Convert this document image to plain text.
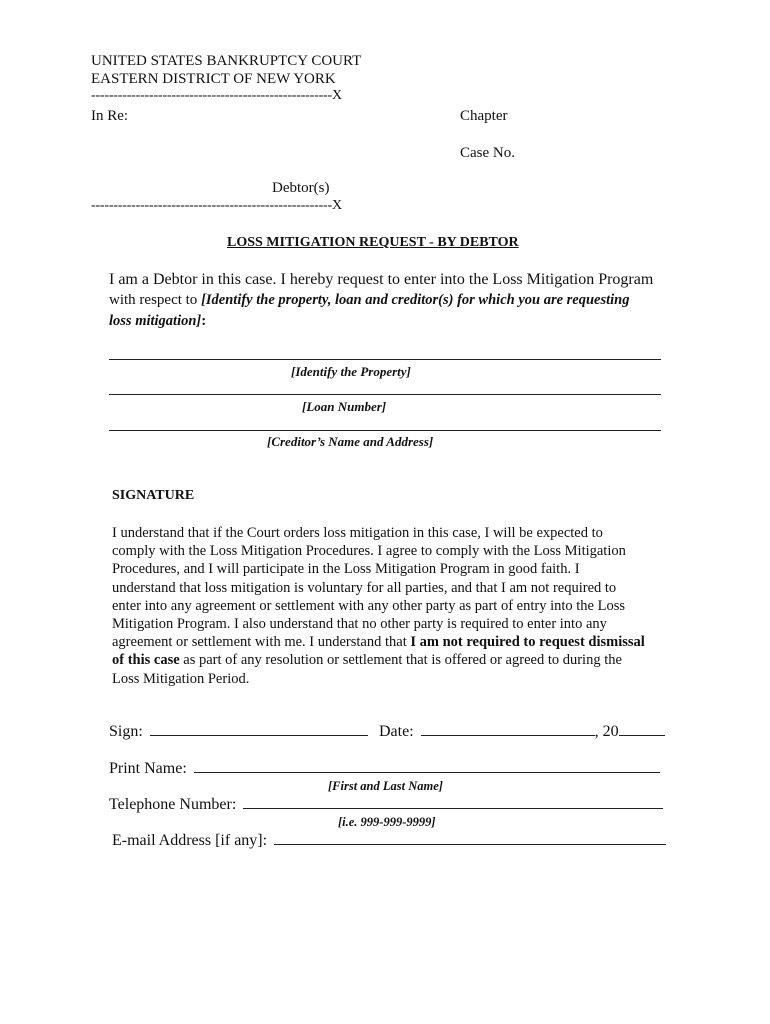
UNITED STATES BANKRUPTCY COURT
EASTERN DISTRICT OF NEW YORK
------------------------------------------------------X
In Re:	Chapter
Case No.
Debtor(s)
------------------------------------------------------X
LOSS MITIGATION REQUEST - BY DEBTOR
I am a Debtor in this case. I hereby request to enter into the Loss Mitigation Program
with respect to [Identify the property, loan and creditor(s) for which you are requesting
loss mitigation]:
[Identify the Property]
[Loan Number]
[Creditor’s Name and Address]
SIGNATURE
I understand that if the Court orders loss mitigation in this case, I will be expected to
comply with the Loss Mitigation Procedures. I agree to comply with the Loss Mitigation
Procedures, and I will participate in the Loss Mitigation Program in good faith. I
understand that loss mitigation is voluntary for all parties, and that I am not required to
enter into any agreement or settlement with any other party as part of entry into the Loss
Mitigation Program. I also understand that no other party is required to enter into any
agreement or settlement with me. I understand that I am not required to request dismissal
of this case as part of any resolution or settlement that is offered or agreed to during the
Loss Mitigation Period.
Sign:	Date:	, 20
Print Name:
[First and Last Name]
Telephone Number:
[i.e. 999-999-9999]
E-mail Address [if any]:
